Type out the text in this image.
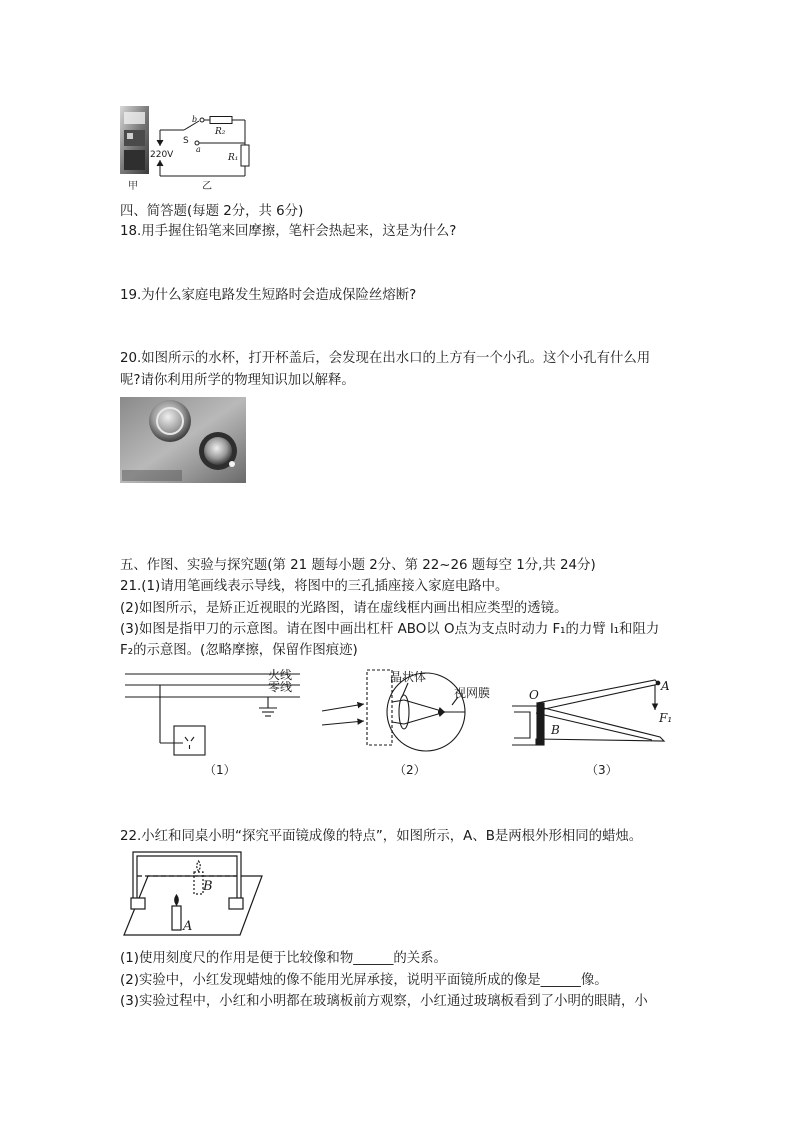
四、简答题(每题 2分，共 6分)
18.用手握住铅笔来回摩擦，笔杆会热起来，这是为什么?
19.为什么家庭电路发生短路时会造成保险丝熔断?
20.如图所示的水杯，打开杯盖后，会发现在出水口的上方有一个小孔。这个小孔有什么用
呢?请你利用所学的物理知识加以解释。
五、作图、实验与探究题(第 21 题每小题 2分、第 22~26 题每空 1分,共 24分)
21.(1)请用笔画线表示导线，将图中的三孔插座接入家庭电路中。
(2)如图所示，是矫正近视眼的光路图，请在虚线框内画出相应类型的透镜。
(3)如图是指甲刀的示意图。请在图中画出杠杆 ABO以 O点为支点时动力 F₁的力臂 l₁和阻力
F₂的示意图。(忽略摩擦，保留作图痕迹)
22.小红和同桌小明“探究平面镜成像的特点”，如图所示，A、B是两根外形相同的蜡烛。
(1)使用刻度尺的作用是便于比较像和物______的关系。
(2)实验中，小红发现蜡烛的像不能用光屏承接，说明平面镜所成的像是______像。
(3)实验过程中，小红和小明都在玻璃板前方观察，小红通过玻璃板看到了小明的眼睛，小
甲
220V
b
a
S
R₂
R₁
乙
火线
零线
（1）
晶状体
视网膜
（2）
O
A
B
F₁
（3）
B
A
